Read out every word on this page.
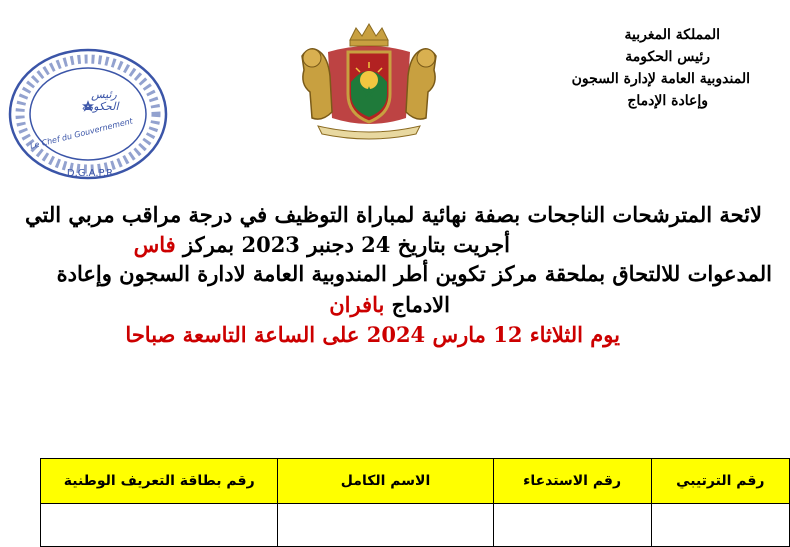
المملكة المغربية
رئيس الحكومة
المندوبية العامة لإدارة السجون
وإعادة الإدماج
رئيس
الحكومة
Le Chef du Gouvernement
D.G.A.P.R
لائحة المترشحات الناجحات بصفة نهائية لمباراة التوظيف في درجة مراقب مربي التي
أجريت بتاريخ 24 دجنبر 2023 بمركز فاس
المدعوات للالتحاق بملحقة مركز تكوين أطر المندوبية العامة لادارة السجون وإعادة
الادماج بافران
يوم الثلاثاء 12 مارس 2024 على الساعة التاسعة صباحا
رقم الترتيبي	رقم الاستدعاء	الاسم الكامل	رقم بطاقة التعريف الوطنية
